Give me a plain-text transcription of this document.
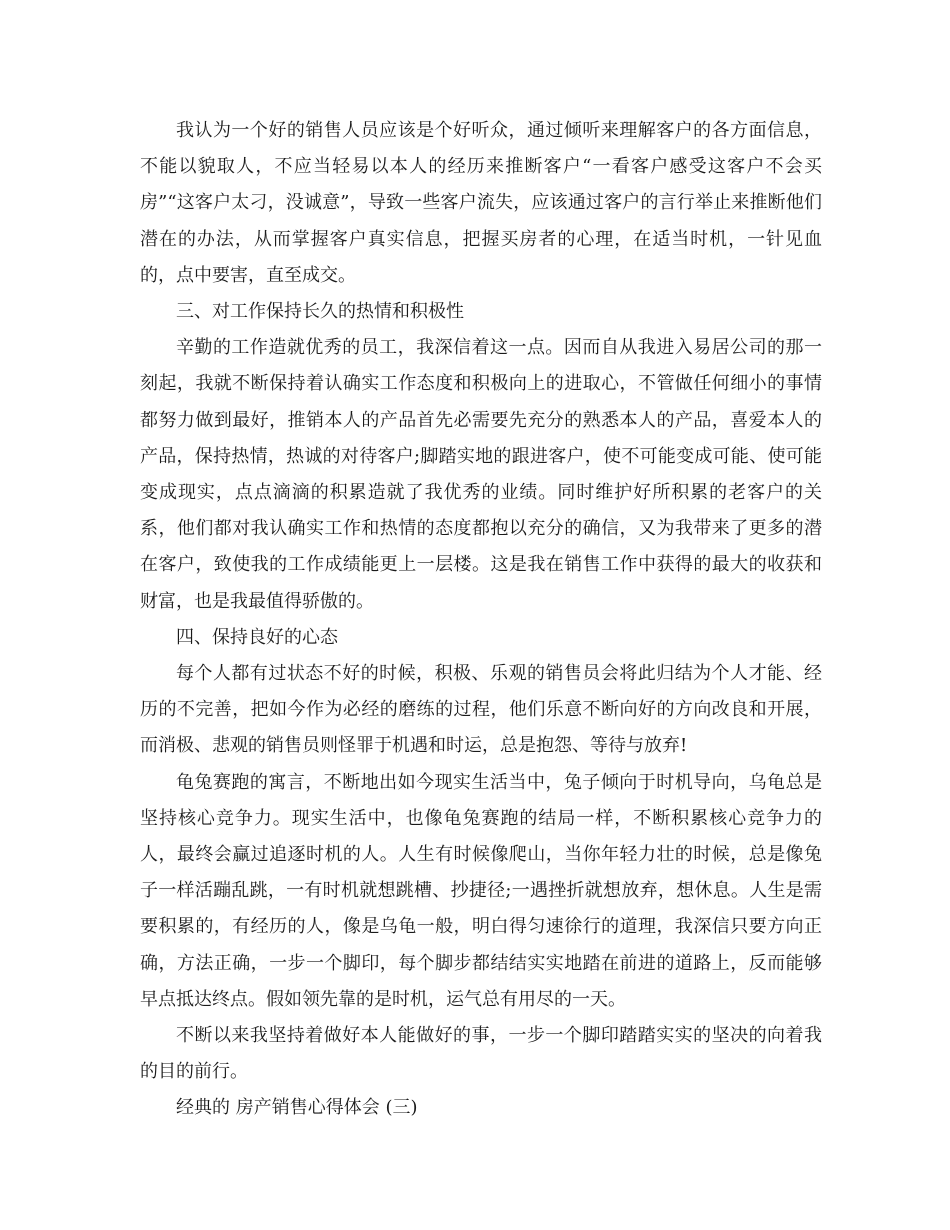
我认为一个好的销售人员应该是个好听众，通过倾听来理解客户的各方面信息，不能以貌取人，不应当轻易以本人的经历来推断客户“一看客户感受这客户不会买房”“这客户太刁，没诚意”，导致一些客户流失，应该通过客户的言行举止来推断他们潜在的办法，从而掌握客户真实信息，把握买房者的心理，在适当时机，一针见血的，点中要害，直至成交。

三、对工作保持长久的热情和积极性

辛勤的工作造就优秀的员工，我深信着这一点。因而自从我进入易居公司的那一刻起，我就不断保持着认确实工作态度和积极向上的进取心，不管做任何细小的事情都努力做到最好，推销本人的产品首先必需要先充分的熟悉本人的产品，喜爱本人的产品，保持热情，热诚的对待客户;脚踏实地的跟进客户，使不可能变成可能、使可能变成现实，点点滴滴的积累造就了我优秀的业绩。同时维护好所积累的老客户的关系，他们都对我认确实工作和热情的态度都抱以充分的确信，又为我带来了更多的潜在客户，致使我的工作成绩能更上一层楼。这是我在销售工作中获得的最大的收获和财富，也是我最值得骄傲的。

四、保持良好的心态

每个人都有过状态不好的时候，积极、乐观的销售员会将此归结为个人才能、经历的不完善，把如今作为必经的磨练的过程，他们乐意不断向好的方向改良和开展，而消极、悲观的销售员则怪罪于机遇和时运，总是抱怨、等待与放弃!

龟兔赛跑的寓言，不断地出如今现实生活当中，兔子倾向于时机导向，乌龟总是坚持核心竞争力。现实生活中，也像龟兔赛跑的结局一样，不断积累核心竞争力的人，最终会赢过追逐时机的人。人生有时候像爬山，当你年轻力壮的时候，总是像兔子一样活蹦乱跳，一有时机就想跳槽、抄捷径;一遇挫折就想放弃，想休息。人生是需要积累的，有经历的人，像是乌龟一般，明白得匀速徐行的道理，我深信只要方向正确，方法正确，一步一个脚印，每个脚步都结结实实地踏在前进的道路上，反而能够早点抵达终点。假如领先靠的是时机，运气总有用尽的一天。

不断以来我坚持着做好本人能做好的事，一步一个脚印踏踏实实的坚决的向着我的目的前行。

经典的 房产销售心得体会 (三)
